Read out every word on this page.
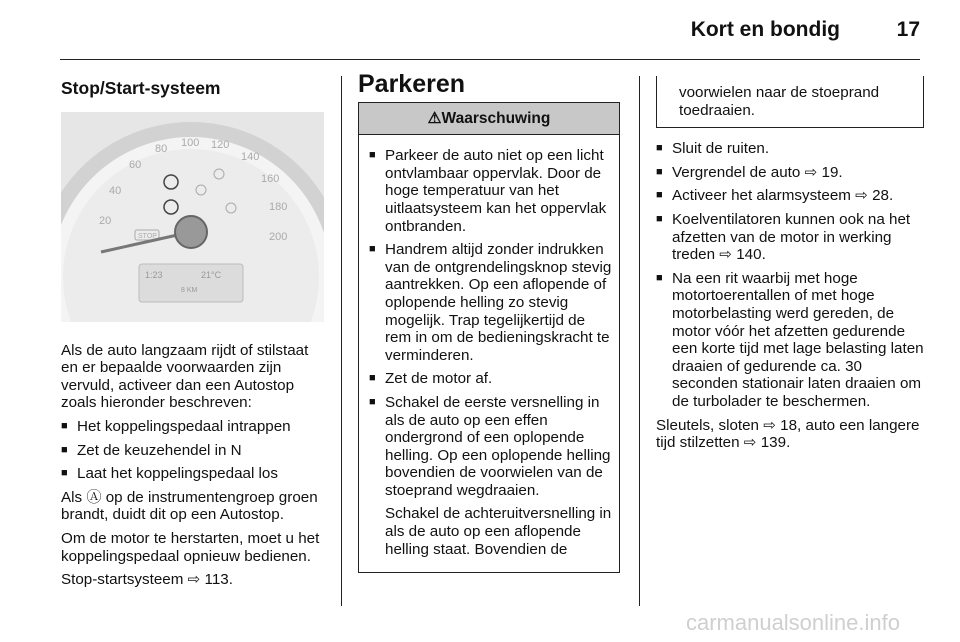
Kort en bondig	17
Stop/Start-systeem
20
40
60
80 100 120
140
160
180
200
STOP
1:23	21°C
8 KM

Als de auto langzaam rijdt of stilstaat en er bepaalde voorwaarden zijn vervuld, activeer dan een Autostop zoals hieronder beschreven:

■ Het koppelingspedaal intrappen
■ Zet de keuzehendel in N
■ Laat het koppelingspedaal los

Als Ⓐ op de instrumentengroep groen brandt, duidt dit op een Autostop.

Om de motor te herstarten, moet u het koppelingspedaal opnieuw bedienen.

Stop-startsysteem ⇨ 113.

Parkeren
⚠Waarschuwing
■ Parkeer de auto niet op een licht ontvlambaar oppervlak. Door de hoge temperatuur van het uitlaatsysteem kan het oppervlak ontbranden.
■ Handrem altijd zonder indrukken van de ontgrendelingsknop stevig aantrekken. Op een aflopende of oplopende helling zo stevig mogelijk. Trap tegelijkertijd de rem in om de bedieningskracht te verminderen.
■ Zet de motor af.
■ Schakel de eerste versnelling in als de auto op een effen ondergrond of een oplopende helling. Op een oplopende helling bovendien de voorwielen van de stoeprand wegdraaien.

Schakel de achteruitversnelling in als de auto op een aflopende helling staat. Bovendien de

voorwielen naar de stoeprand toedraaien.
■ Sluit de ruiten.
■ Vergrendel de auto ⇨ 19.
■ Activeer het alarmsysteem ⇨ 28.
■ Koelventilatoren kunnen ook na het afzetten van de motor in werking treden ⇨ 140.
■ Na een rit waarbij met hoge motortoerentallen of met hoge motorbelasting werd gereden, de motor vóór het afzetten gedurende een korte tijd met lage belasting laten draaien of gedurende ca. 30 seconden stationair laten draaien om de turbolader te beschermen.

Sleutels, sloten ⇨ 18, auto een langere tijd stilzetten ⇨ 139.

carmanualsonline.info
